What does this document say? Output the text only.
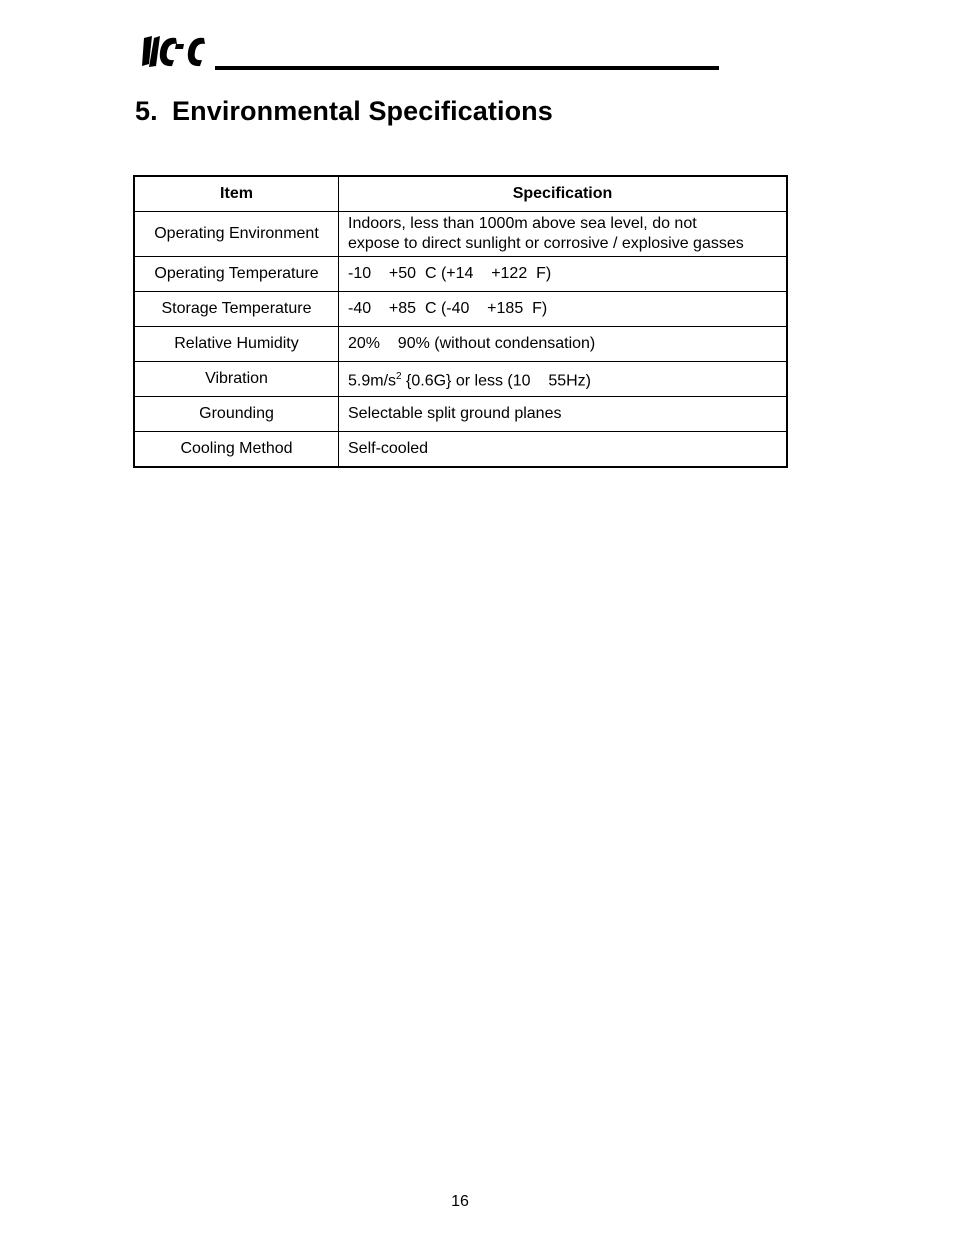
5. Environmental Specifications
Item	Specification
Operating Environment	Indoors, less than 1000m above sea level, do not
expose to direct sunlight or corrosive / explosive gasses
Operating Temperature	-10    +50  C (+14    +122  F)
Storage Temperature	-40    +85  C (-40    +185  F)
Relative Humidity	20%    90% (without condensation)
Vibration	$5.9m/s^2$ {0.6G} or less (10    55Hz)
Grounding	Selectable split ground planes
Cooling Method	Self-cooled
16
